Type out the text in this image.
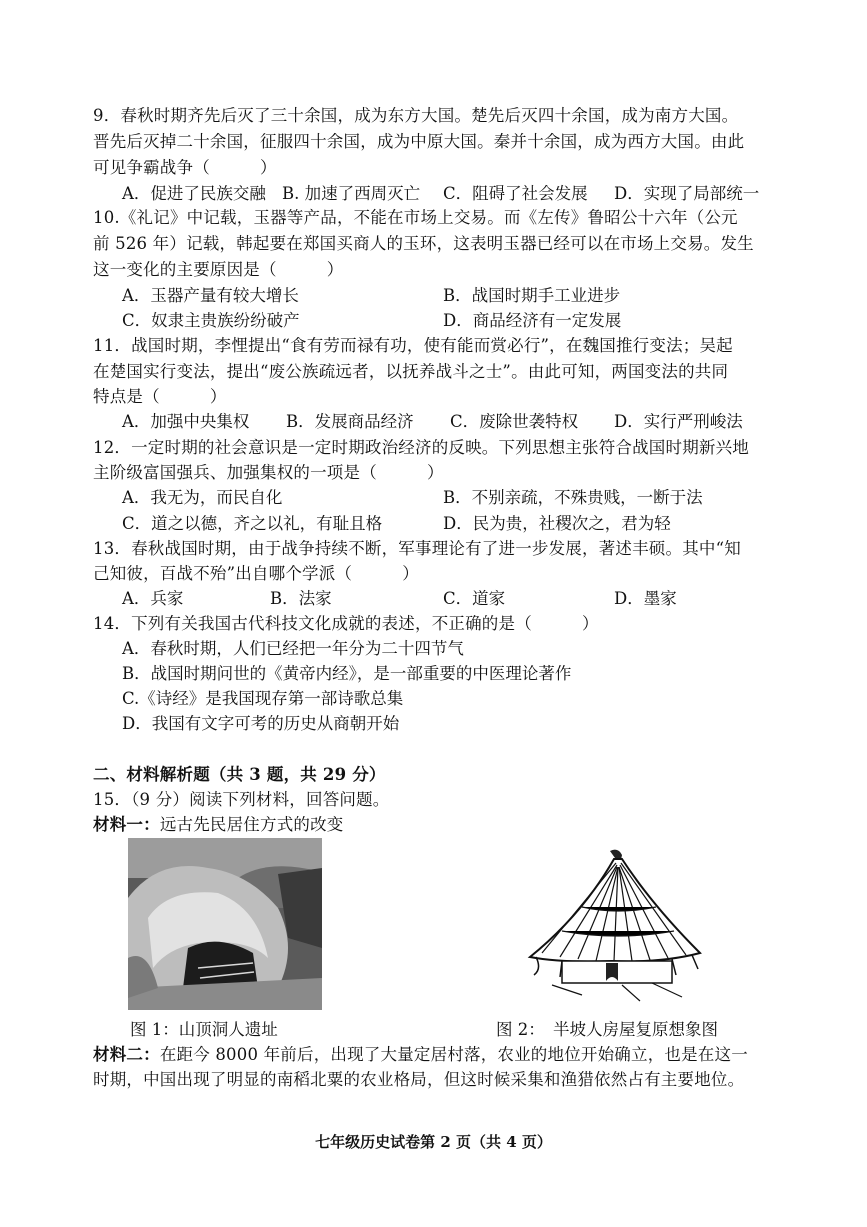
9．春秋时期齐先后灭了三十余国，成为东方大国。楚先后灭四十余国，成为南方大国。
晋先后灭掉二十余国，征服四十余国，成为中原大国。秦并十余国，成为西方大国。由此
可见争霸战争（　　　）
A．促进了民族交融 B. 加速了西周灭亡 C．阻碍了社会发展 D．实现了局部统一
10.《礼记》中记载，玉器等产品，不能在市场上交易。而《左传》鲁昭公十六年（公元
前 526 年）记载，韩起要在郑国买商人的玉环，这表明玉器已经可以在市场上交易。发生
这一变化的主要原因是（　　　）
A．玉器产量有较大增长	B．战国时期手工业进步
C．奴隶主贵族纷纷破产	D．商品经济有一定发展
11．战国时期，李悝提出“食有劳而禄有功，使有能而赏必行”，在魏国推行变法；吴起
在楚国实行变法，提出“废公族疏远者，以抚养战斗之士”。由此可知，两国变法的共同
特点是（　　　）
A．加强中央集权 B．发展商品经济 C．废除世袭特权 D．实行严刑峻法
12．一定时期的社会意识是一定时期政治经济的反映。下列思想主张符合战国时期新兴地
主阶级富国强兵、加强集权的一项是（　　　）
A．我无为，而民自化	B．不别亲疏，不殊贵贱，一断于法
C．道之以德，齐之以礼，有耻且格	D．民为贵，社稷次之，君为轻
13．春秋战国时期，由于战争持续不断，军事理论有了进一步发展，著述丰硕。其中“知
己知彼，百战不殆”出自哪个学派（　　　）
A．兵家	B．法家	C．道家	D．墨家
14．下列有关我国古代科技文化成就的表述，不正确的是（　　　）
A．春秋时期，人们已经把一年分为二十四节气
B．战国时期问世的《黄帝内经》，是一部重要的中医理论著作
C.《诗经》是我国现存第一部诗歌总集
D．我国有文字可考的历史从商朝开始
二、材料解析题（共 3 题，共 29 分）
15．（9 分）阅读下列材料，回答问题。
材料一：远古先民居住方式的改变
图 1：山顶洞人遗址	图 2：　半坡人房屋复原想象图
材料二：在距今 8000 年前后，出现了大量定居村落，农业的地位开始确立，也是在这一
时期，中国出现了明显的南稻北粟的农业格局，但这时候采集和渔猎依然占有主要地位。
七年级历史试卷第 2 页（共 4 页）
